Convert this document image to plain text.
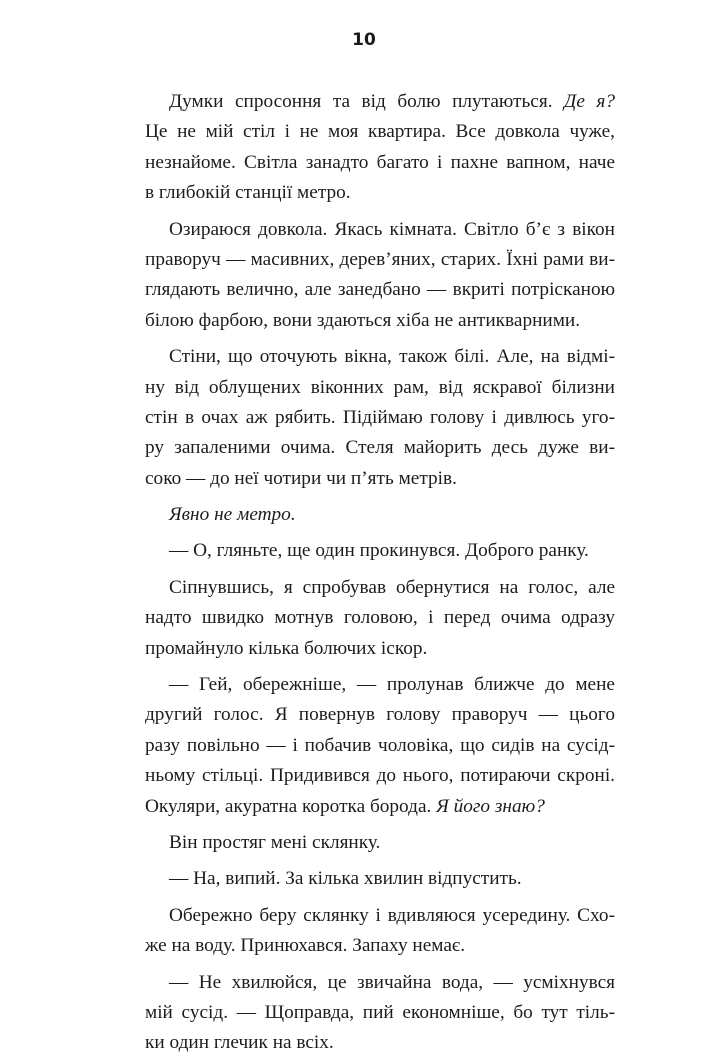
10
Думки спросоння та від болю плутаються. Де я?
Це не мій стіл і не моя квартира. Все довкола чуже,
незнайоме. Світла занадто багато і пахне вапном, наче
в глибокій станції метро.
Озираюся довкола. Якась кімната. Світло б’є з вікон
праворуч — масивних, дерев’яних, старих. Їхні рами ви-
глядають велично, але занедбано — вкриті потрісканою
білою фарбою, вони здаються хіба не антикварними.
Стіни, що оточують вікна, також білі. Але, на відмі-
ну від облущених віконних рам, від яскравої білизни
стін в очах аж рябить. Підіймаю голову і дивлюсь уго-
ру запаленими очима. Стеля майорить десь дуже ви-
соко — до неї чотири чи п’ять метрів.
Явно не метро.
— О, гляньте, ще один прокинувся. Доброго ранку.
Сіпнувшись, я спробував обернутися на голос, але
надто швидко мотнув головою, і перед очима одразу
промайнуло кілька болючих іскор.
— Гей, обережніше, — пролунав ближче до мене
другий голос. Я повернув голову праворуч — цього
разу повільно — і побачив чоловіка, що сидів на сусід-
ньому стільці. Придивився до нього, потираючи скроні.
Окуляри, акуратна коротка борода. Я його знаю?
Він простяг мені склянку.
— На, випий. За кілька хвилин відпустить.
Обережно беру склянку і вдивляюся усередину. Схо-
же на воду. Принюхався. Запаху немає.
— Не хвилюйся, це звичайна вода, — усміхнувся
мій сусід. — Щоправда, пий економніше, бо тут тіль-
ки один глечик на всіх.
